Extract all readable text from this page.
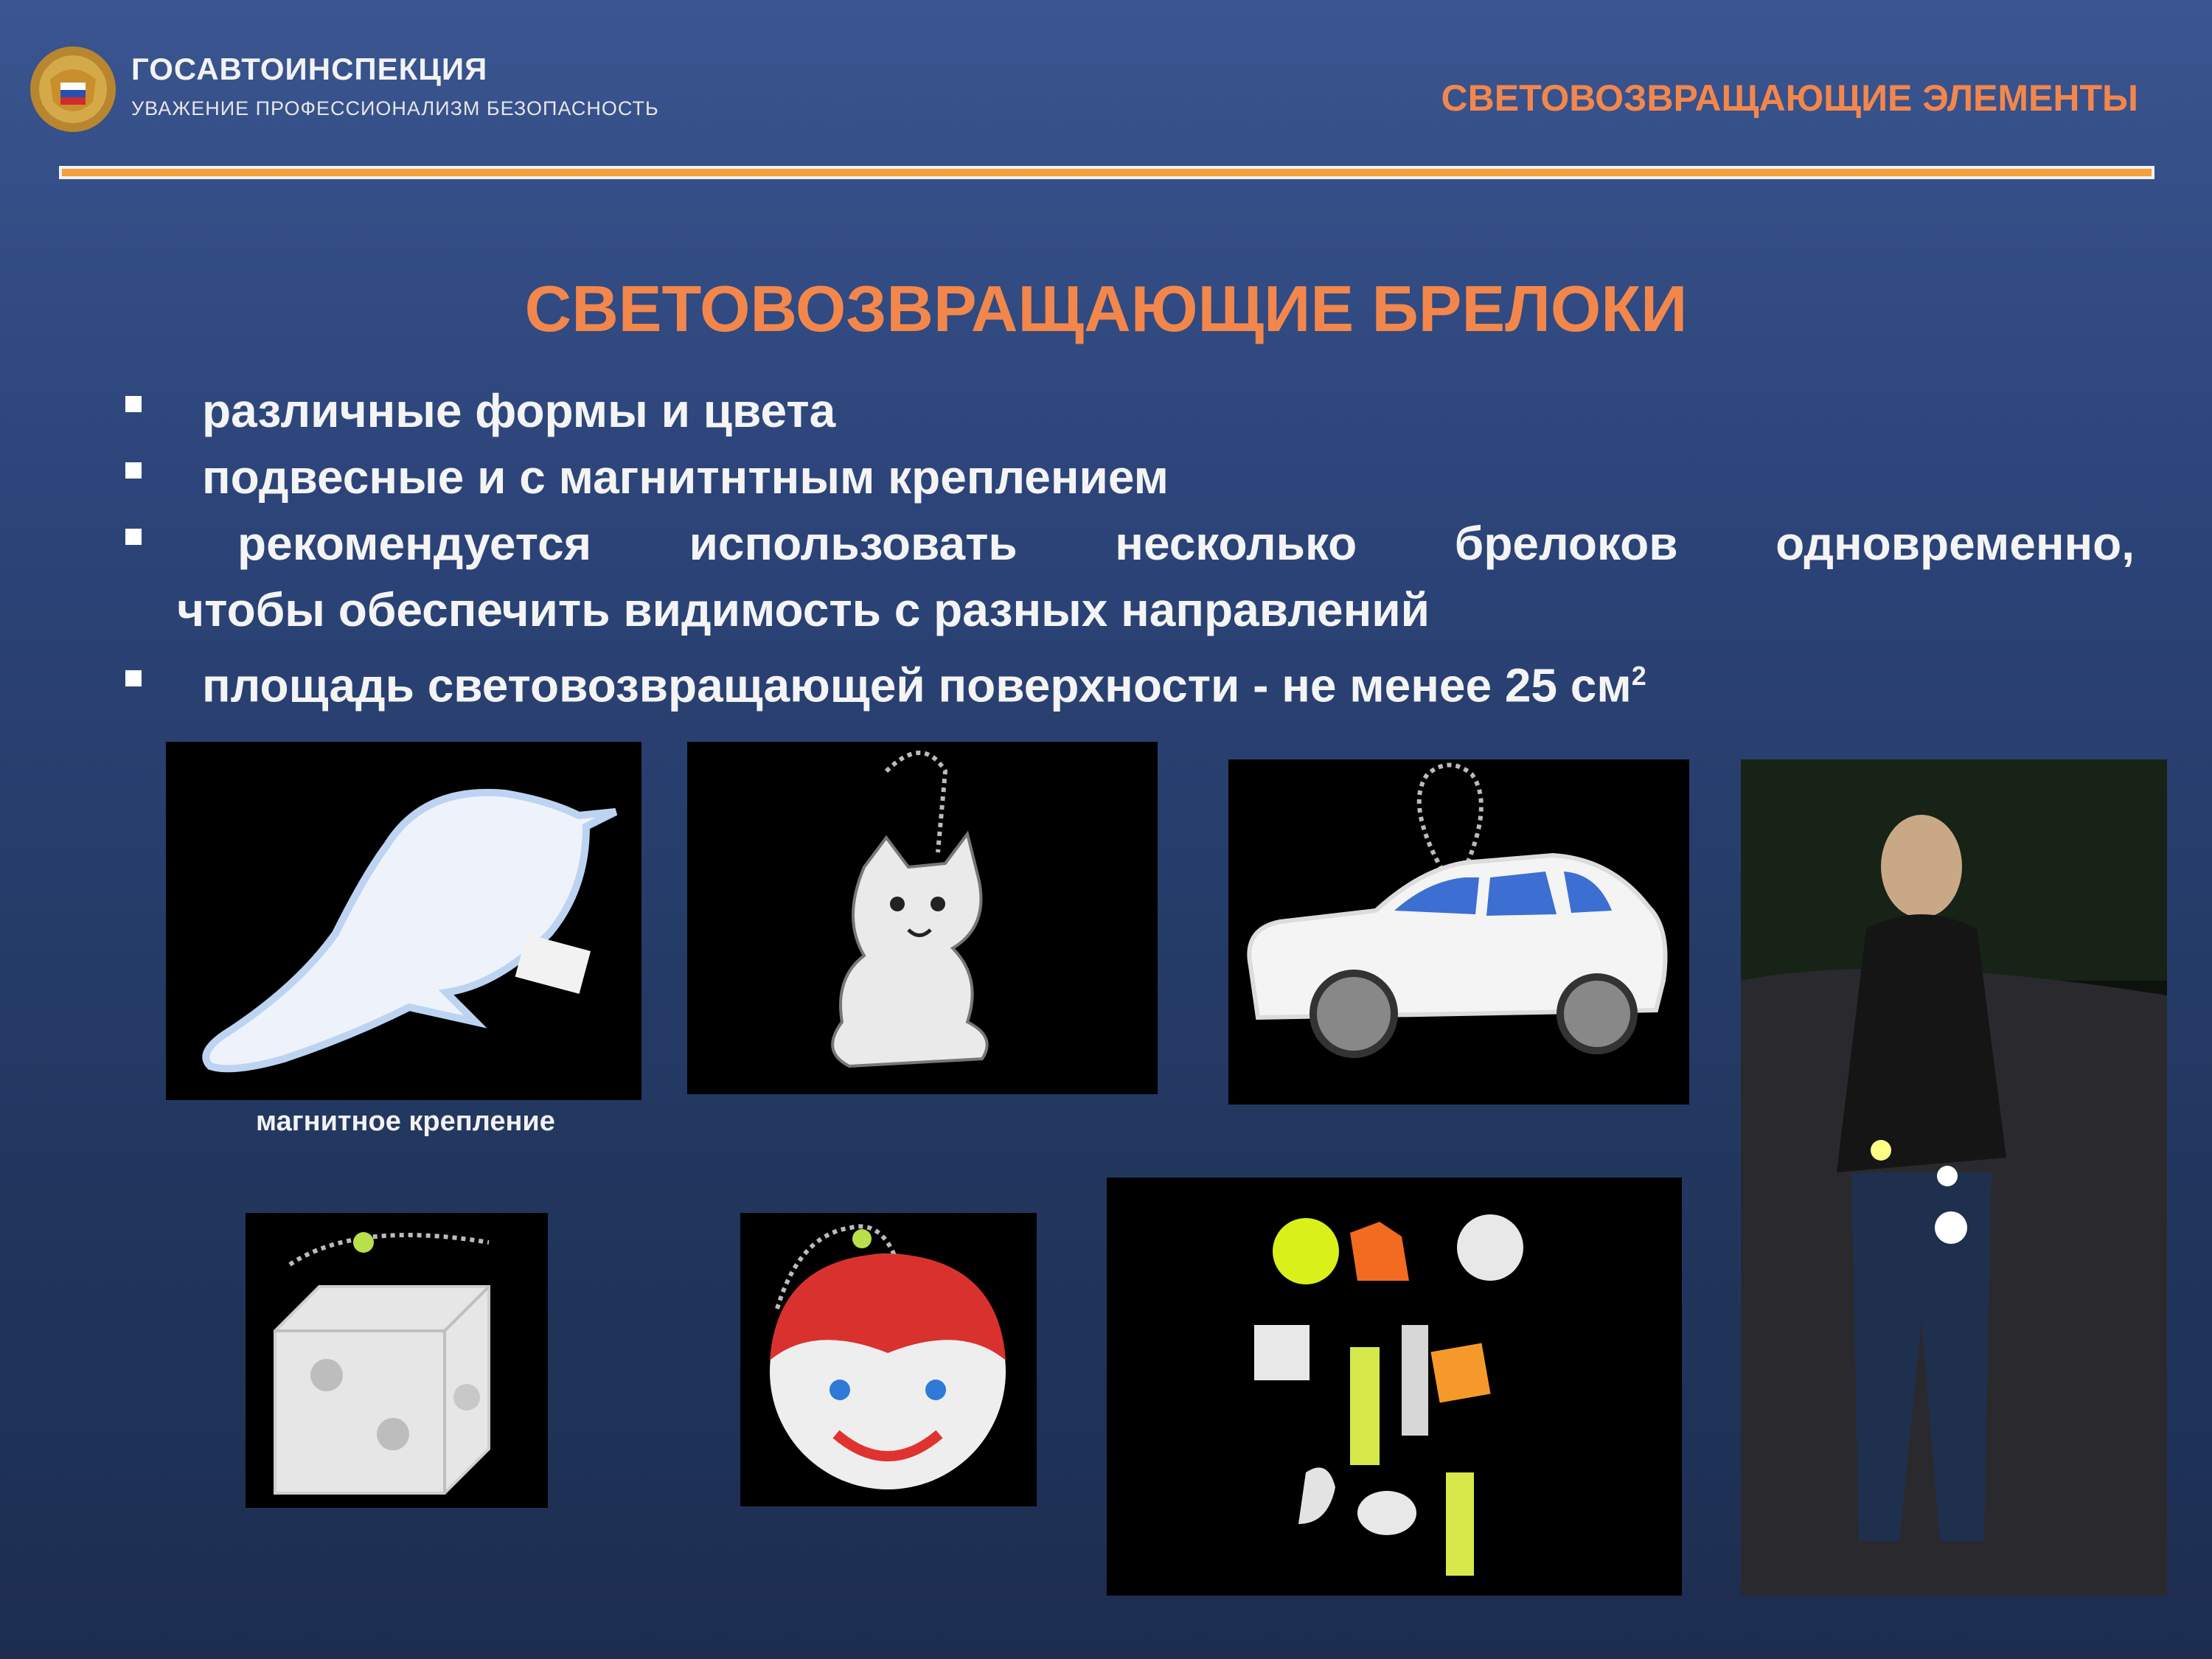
ГОСАВТОИНСПЕКЦИЯ
УВАЖЕНИЕ ПРОФЕССИОНАЛИЗМ БЕЗОПАСНОСТЬ	СВЕТОВОЗВРАЩАЮЩИЕ ЭЛЕМЕНТЫ
СВЕТОВОЗВРАЩАЮЩИЕ БРЕЛОКИ
различные формы и цвета
подвесные и с магнитнтным креплением
рекомендуется использовать несколько брелоков одновременно,
чтобы обеспечить видимость с разных направлений
площадь световозвращающей поверхности - не менее 25 $см^2$
магнитное крепление
